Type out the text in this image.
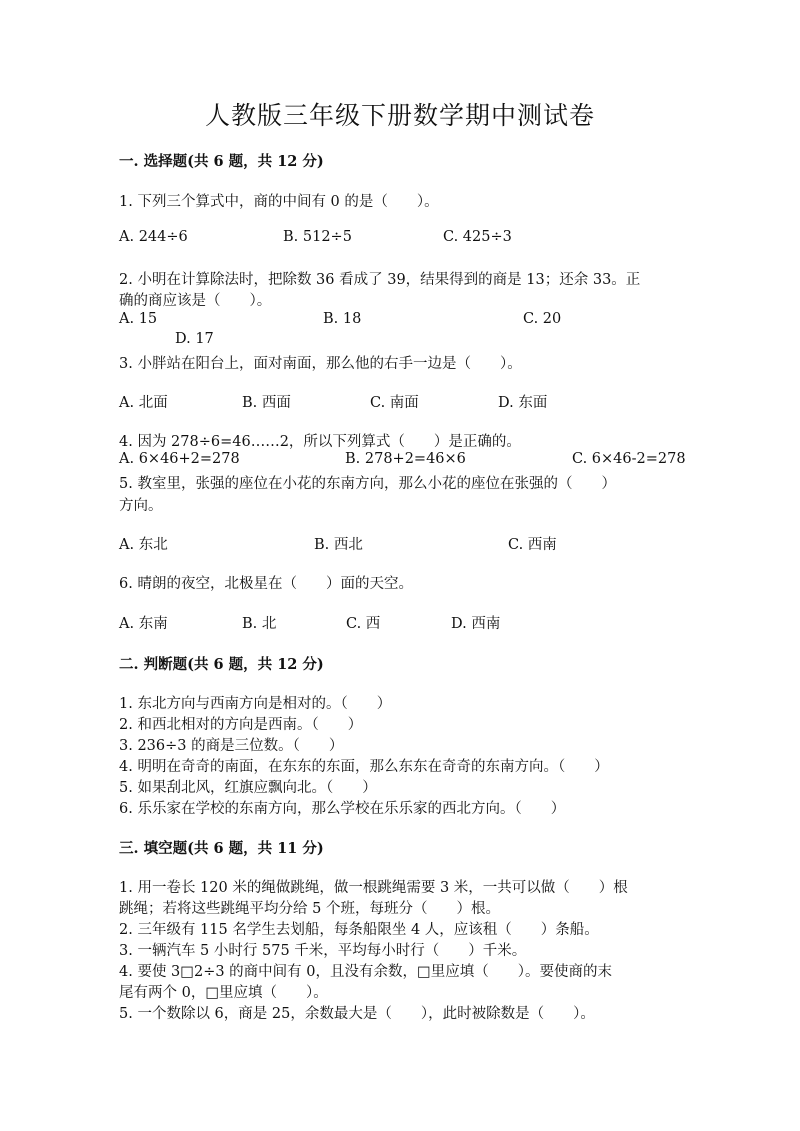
人教版三年级下册数学期中测试卷
一. 选择题(共 6 题，共 12 分)
1. 下列三个算式中，商的中间有 0 的是（　　）。
A. 244÷6	B. 512÷5	C. 425÷3
2. 小明在计算除法时，把除数 36 看成了 39，结果得到的商是 13；还余 33。正
确的商应该是（　　）。
A. 15	B. 18	C. 20
D. 17
3. 小胖站在阳台上，面对南面，那么他的右手一边是（　　）。
A. 北面	B. 西面	C. 南面	D. 东面
4. 因为 278÷6=46……2，所以下列算式（　　）是正确的。
A. 6×46+2=278	B. 278+2=46×6	C. 6×46-2=278
5. 教室里，张强的座位在小花的东南方向，那么小花的座位在张强的（　　）
方向。
A. 东北	B. 西北	C. 西南
6. 晴朗的夜空，北极星在（　　）面的天空。
A. 东南	B. 北	C. 西	D. 西南
二. 判断题(共 6 题，共 12 分)
1. 东北方向与西南方向是相对的。（　　）
2. 和西北相对的方向是西南。（　　）
3. 236÷3 的商是三位数。（　　）
4. 明明在奇奇的南面，在东东的东面，那么东东在奇奇的东南方向。（　　）
5. 如果刮北风，红旗应飘向北。（　　）
6. 乐乐家在学校的东南方向，那么学校在乐乐家的西北方向。（　　）
三. 填空题(共 6 题，共 11 分)
1. 用一卷长 120 米的绳做跳绳，做一根跳绳需要 3 米，一共可以做（　　）根
跳绳；若将这些跳绳平均分给 5 个班，每班分（　　）根。
2. 三年级有 115 名学生去划船，每条船限坐 4 人，应该租（　　）条船。
3. 一辆汽车 5 小时行 575 千米，平均每小时行（　　）千米。
4. 要使 3□2÷3 的商中间有 0，且没有余数，□里应填（　　）。要使商的末
尾有两个 0，□里应填（　　）。
5. 一个数除以 6，商是 25，余数最大是（　　），此时被除数是（　　）。
